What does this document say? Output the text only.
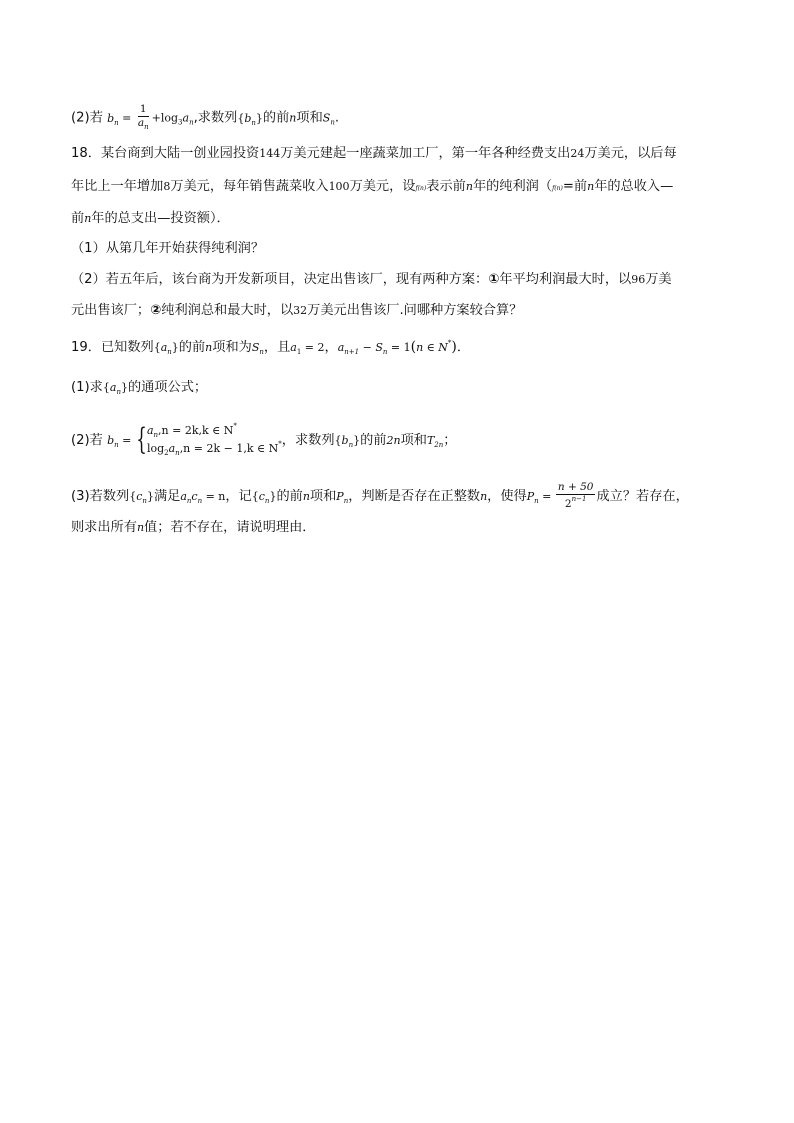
(2)若 $b_n = \frac{1}{a_n} +\log_3a_n$,求数列$\{b_n\}$的前n项和$S_n$.
18．某台商到大陆一创业园投资144万美元建起一座蔬菜加工厂，第一年各种经费支出24万美元，以后每
年比上一年增加8万美元，每年销售蔬菜收入100万美元，设f(n)表示前n年的纯利润（f(n)=前n年的总收入—
前n年的总支出—投资额）．
（1）从第几年开始获得纯利润？
（2）若五年后，该台商为开发新项目，决定出售该厂，现有两种方案：①年平均利润最大时，以96万美
元出售该厂；②纯利润总和最大时，以32万美元出售该厂.问哪种方案较合算？
19．已知数列$\{a_n\}$的前n项和为$S_n$，且$a_1 = 2$，$a_{n+1} - S_n = 1(n$ ∈ N*)．
(1)求$\{a_n\}$的通项公式；
(2)若 $b_n$ = { $a_n,n = 2k,k$ ∈ N*
$\log_2a_n,n = 2k - 1,k$ ∈ N* ，求数列$\{b_n\}$的前2n项和$T_{2n}$；
(3)若数列$\{c_n\}$满足$a_nc_n = n$，记$\{c_n\}$的前n项和$P_n$，判断是否存在正整数n，使得$P_n = \frac{n + 50}{2^{n-1}}$ 成立？若存在，
则求出所有n值；若不存在，请说明理由．
